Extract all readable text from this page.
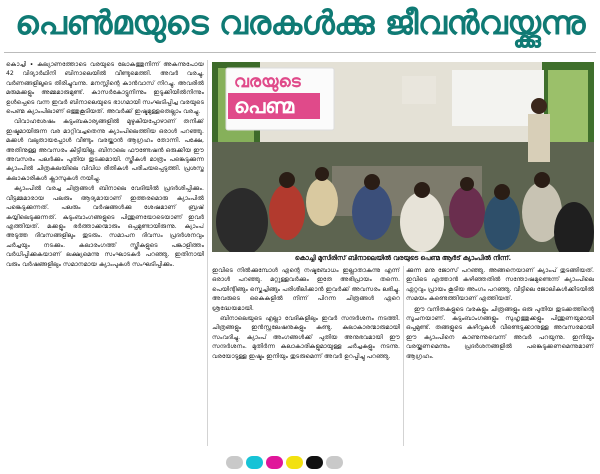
പെൺമയുടെ വരകൾക്കു ജീവൻവയ്ക്കുന്നു

കൊച്ചി ∙ കല്യാണത്തോടെ വരയുടെ ലോകത്തുനിന്ന് അകന്നുപോയ 42 വിദ്യാർഥിനി ബിനാലെയിൽ വീണ്ടുമെത്തി. അവർ വരച്ചു, വർണങ്ങളിലൂടെ തിരിച്ചുവന്നു. മനസ്സിന്റെ കാൻവാസ് നിറച്ചു. അവരിൽ മരുമക്കളും അമ്മമാരുമുണ്ട്. കാസർകോട്ടുനിന്നും ഇടുക്കിയിൽനിന്നും ഉൾപ്പെടെ വന്ന ഇവർ ബിനാലെയുടെ ഭാഗമായി സംഘടിപ്പിച്ച വരയുടെ പെണ്മ ക്യാംപിലാണ് ഒത്തുകൂടിയത്. അവർക്ക് ഇഷ്ടമുള്ളതെല്ലാം വരച്ചു.

വിവാഹശേഷം കുടുംബകാര്യങ്ങളിൽ മുഴുകിയപ്പോഴാണ് തനിക്ക് ഇഷ്ടമായിരുന്ന വര മാറ്റിവച്ചതെന്നു ക്യാംപിലെത്തിയ ഒരാൾ പറഞ്ഞു. മക്കൾ വലുതായപ്പോൾ വീണ്ടും വരയ്ക്കാൻ ആഗ്രഹം തോന്നി. പക്ഷേ, അതിനുള്ള അവസരം കിട്ടിയില്ല. ബിനാലെ ഫൗണ്ടേഷൻ ഒരുക്കിയ ഈ അവസരം പലർക്കും പുതിയ തുടക്കമായി. സ്ത്രീകൾ മാത്രം പങ്കെടുക്കുന്ന ക്യാംപിൽ ചിത്രകലയിലെ വിവിധ രീതികൾ പരിചയപ്പെടുത്തി. പ്രശസ്ത കലാകാരികൾ ക്ലാസുകൾ നയിച്ചു.

ക്യാംപിൽ വരച്ച ചിത്രങ്ങൾ ബിനാലെ വേദിയിൽ പ്രദർശിപ്പിക്കും. വീട്ടമ്മമാരായ പലരും ആദ്യമായാണ് ഇത്തരമൊരു ക്യാംപിൽ പങ്കെടുക്കുന്നത്. പലരും വർഷങ്ങൾക്കു ശേഷമാണ് ബ്രഷ് കയ്യിലെടുക്കുന്നത്. കുടുംബാംഗങ്ങളുടെ പിന്തുണയോടെയാണ് ഇവർ എത്തിയത്. മക്കളും ഭർത്താക്കന്മാരും ഒപ്പമുണ്ടായിരുന്നു. ക്യാംപ് അടുത്ത ദിവസങ്ങളിലും തുടരും. സമാപന ദിവസം പ്രദർശനവും ചർച്ചയും നടക്കും. കലാരംഗത്ത് സ്ത്രീകളുടെ പങ്കാളിത്തം വർധിപ്പിക്കുകയാണ് ലക്ഷ്യമെന്നു സംഘാടകർ പറഞ്ഞു. ഇതിനായി വരും വർഷങ്ങളിലും സമാനമായ ക്യാംപുകൾ സംഘടിപ്പിക്കും.

വരയുടെ
പെണ്മ
കൊച്ചി മുസിരിസ് ബിനാലെയിൽ വരയുടെ പെണ്മ ആർട് ക്യാംപിൽ നിന്ന്.

ഇവിടെ നിൽക്കുമ്പോൾ എന്റെ നഷ്ടബോധം ഇല്ലാതാകുന്നു എന്ന് ഒരാൾ പറഞ്ഞു. മറ്റുള്ളവർക്കും ഇതേ അഭിപ്രായം തന്നെ. പെയിന്റിങ്ങും സ്കെച്ചിങ്ങും പരിശീലിക്കാൻ ഇവർക്ക് അവസരം ലഭിച്ചു. അവരുടെ കൈകളിൽ നിന്ന് പിറന്ന ചിത്രങ്ങൾ ഏറെ ശ്രദ്ധേയമായി.

ബിനാലെയുടെ എല്ലാ വേദികളിലും ഇവർ സന്ദർശനം നടത്തി. ചിത്രങ്ങളും ഇൻസ്റ്റലേഷനുകളും കണ്ടു. കലാകാരന്മാരുമായി സംവദിച്ചു. ക്യാംപ് അംഗങ്ങൾക്ക് പുതിയ അനുഭവമായി ഈ സന്ദർശനം. മുതിർന്ന കലാകാരികളുമായുള്ള ചർച്ചകളും നടന്നു. വരയോടുള്ള ഇഷ്ടം ഇനിയും തുടരുമെന്ന് അവർ ഉറപ്പിച്ചു പറഞ്ഞു.

ക്കുന്ന മനു ജോസ് പറഞ്ഞു. അങ്ങനെയാണ് ക്യാംപ് തുടങ്ങിയത്. ഇവിടെ എത്താൻ കഴിഞ്ഞതിൽ സന്തോഷമുണ്ടെന്ന് ക്യാംപിലെ ഏറ്റവും പ്രായം കൂടിയ അംഗം പറഞ്ഞു. വീട്ടിലെ ജോലികൾക്കിടയിൽ സമയം കണ്ടെത്തിയാണ് എത്തിയത്.

ഈ വനിതകളുടെ വരകളും ചിത്രങ്ങളും ഒരു പുതിയ തുടക്കത്തിന്റെ സൂചനയാണ്. കുടുംബാംഗങ്ങളും സുഹൃത്തുക്കളും പിന്തുണയുമായി ഒപ്പമുണ്ട്. തങ്ങളുടെ കഴിവുകൾ വീണ്ടെടുക്കാനുള്ള അവസരമായി ഈ ക്യാംപിനെ കാണുന്നുവെന്ന് അവർ പറയുന്നു. ഇനിയും വരയ്ക്കണമെന്നും പ്രദർശനങ്ങളിൽ പങ്കെടുക്കണമെന്നുമാണ് ആഗ്രഹം.
